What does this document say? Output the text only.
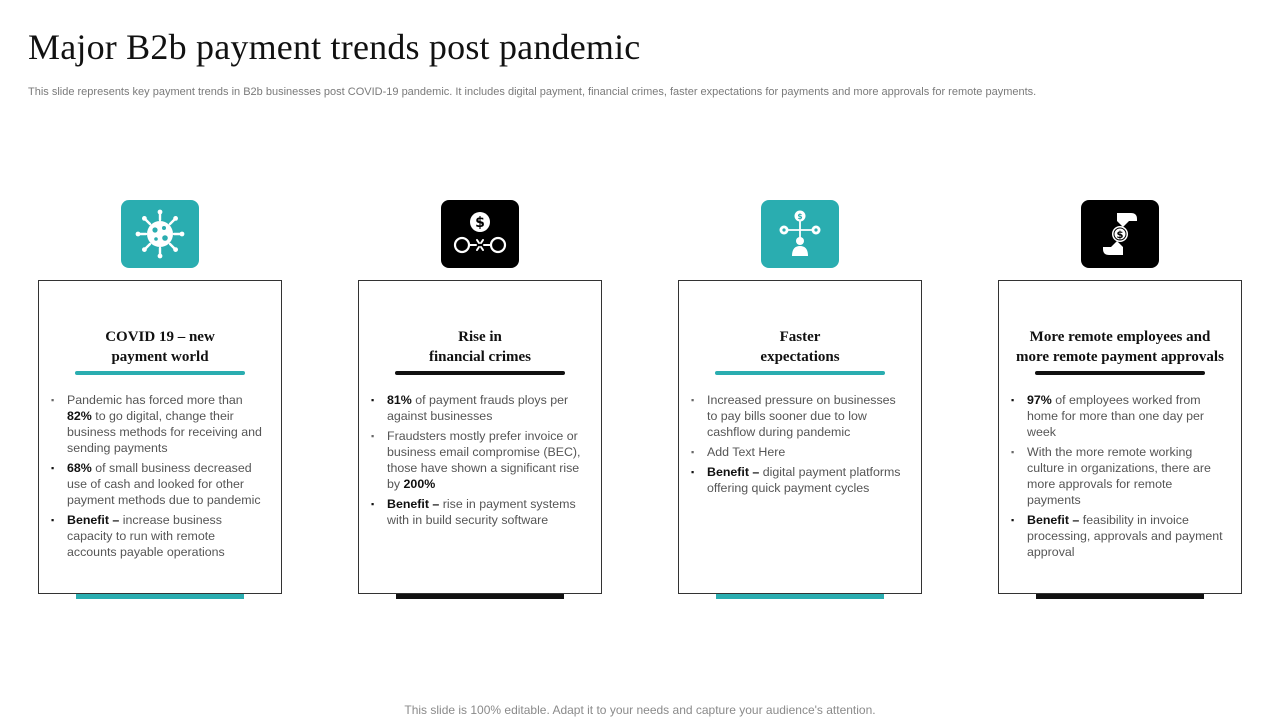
Major B2b payment trends post pandemic
This slide represents key payment trends in B2b businesses post COVID-19 pandemic. It includes digital payment, financial crimes, faster expectations for payments and more approvals for remote payments.
COVID 19 – new
payment world
▪ Pandemic has forced more than 82% to go digital, change their business methods for receiving and sending payments
▪ 68% of small business decreased use of cash and looked for other payment methods due to pandemic
▪ Benefit – increase business capacity to run with remote accounts payable operations
$
Rise in
financial crimes
▪ 81% of payment frauds ploys per against businesses
▪ Fraudsters mostly prefer invoice or business email compromise (BEC), those have shown a significant rise by 200%
▪ Benefit – rise in payment systems with in build security software
$
Faster
expectations
▪ Increased pressure on businesses to pay bills sooner due to low cashflow during pandemic
▪ Add Text Here
▪ Benefit – digital payment platforms offering quick payment cycles
$
More remote employees and
more remote payment approvals
▪ 97% of employees worked from home for more than one day per week
▪ With the more remote working culture in organizations, there are more approvals for remote payments
▪ Benefit – feasibility in invoice processing, approvals and payment approval
This slide is 100% editable. Adapt it to your needs and capture your audience's attention.
